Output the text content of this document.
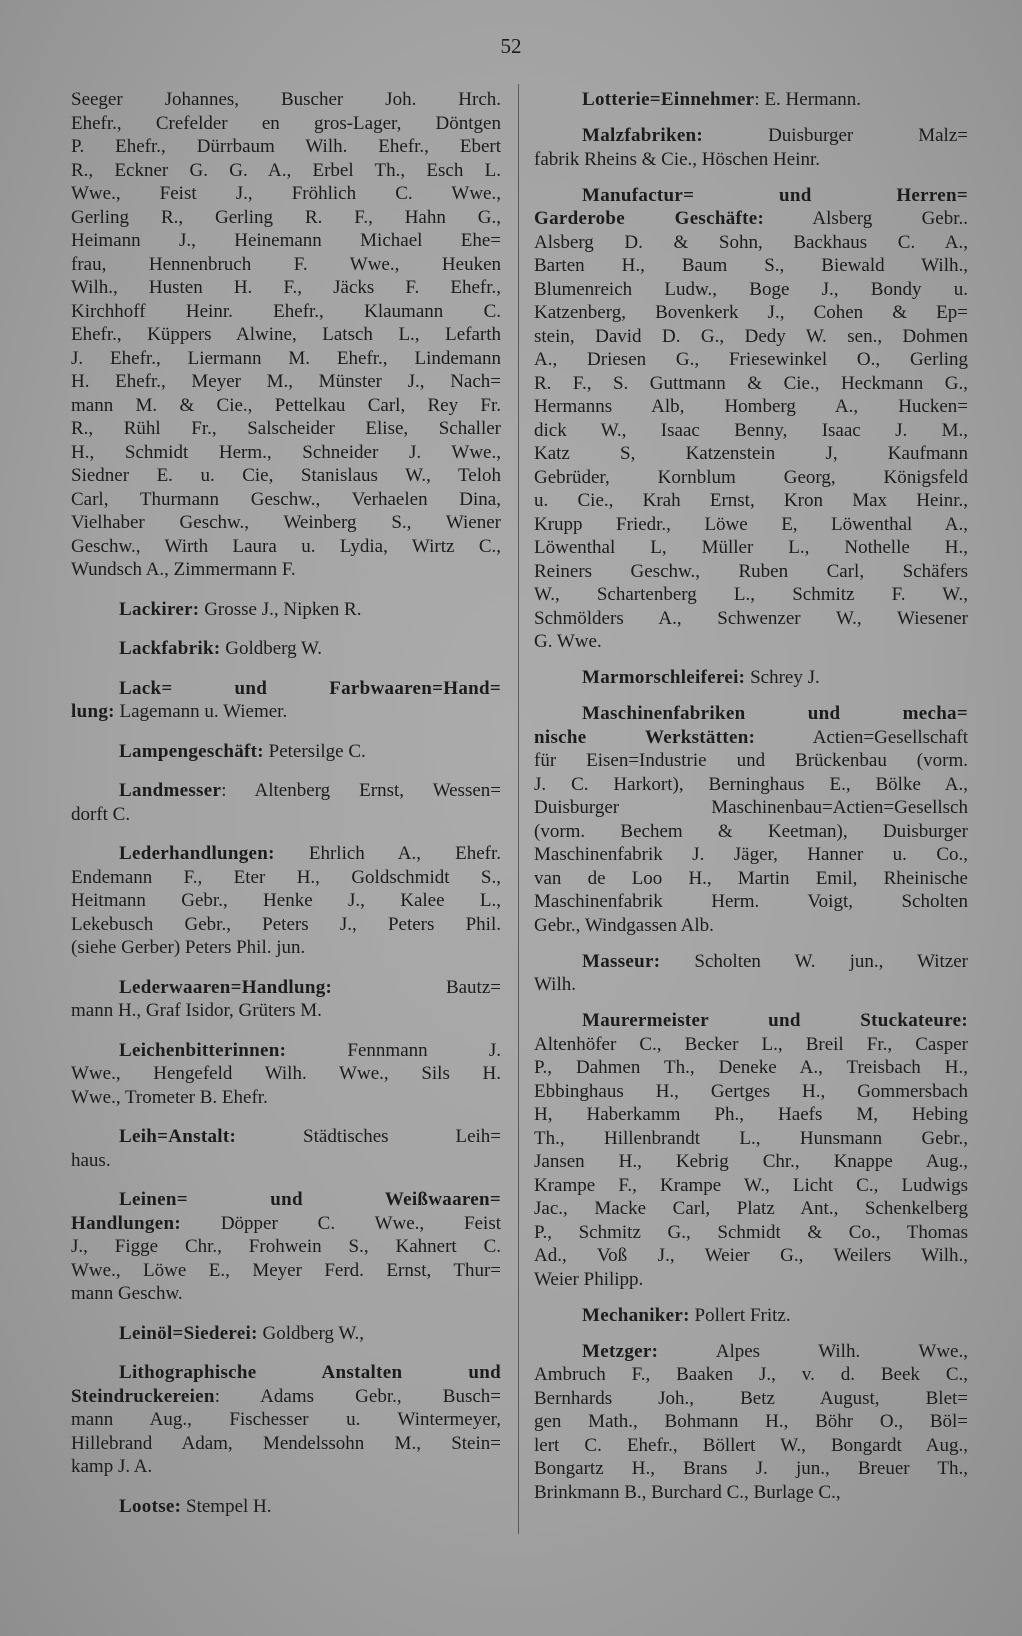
52
Seeger Johannes, Buscher Joh. Hrch.
Ehefr., Crefelder en gros-Lager, Döntgen
P. Ehefr., Dürrbaum Wilh. Ehefr., Ebert
R., Eckner G. G. A., Erbel Th., Esch L.
Wwe., Feist J., Fröhlich C. Wwe.,
Gerling R., Gerling R. F., Hahn G.,
Heimann J., Heinemann Michael Ehe=
frau, Hennenbruch F. Wwe., Heuken
Wilh., Husten H. F., Jäcks F. Ehefr.,
Kirchhoff Heinr. Ehefr., Klaumann C.
Ehefr., Küppers Alwine, Latsch L., Lefarth
J. Ehefr., Liermann M. Ehefr., Lindemann
H. Ehefr., Meyer M., Münster J., Nach=
mann M. & Cie., Pettelkau Carl, Rey Fr.
R., Rühl Fr., Salscheider Elise, Schaller
H., Schmidt Herm., Schneider J. Wwe.,
Siedner E. u. Cie, Stanislaus W., Teloh
Carl, Thurmann Geschw., Verhaelen Dina,
Vielhaber Geschw., Weinberg S., Wiener
Geschw., Wirth Laura u. Lydia, Wirtz C.,
Wundsch A., Zimmermann F.
Lackirer: Grosse J., Nipken R.
Lackfabrik: Goldberg W.
Lack= und Farbwaaren=Hand=
lung: Lagemann u. Wiemer.
Lampengeschäft: Petersilge C.
Landmesser: Altenberg Ernst, Wessen=
dorft C.
Lederhandlungen: Ehrlich A., Ehefr.
Endemann F., Eter H., Goldschmidt S.,
Heitmann Gebr., Henke J., Kalee L.,
Lekebusch Gebr., Peters J., Peters Phil.
(siehe Gerber) Peters Phil. jun.
Lederwaaren=Handlung: Bautz=
mann H., Graf Isidor, Grüters M.
Leichenbitterinnen: Fennmann J.
Wwe., Hengefeld Wilh. Wwe., Sils H.
Wwe., Trometer B. Ehefr.
Leih=Anstalt: Städtisches Leih=
haus.
Leinen= und Weißwaaren=
Handlungen: Döpper C. Wwe., Feist
J., Figge Chr., Frohwein S., Kahnert C.
Wwe., Löwe E., Meyer Ferd. Ernst, Thur=
mann Geschw.
Leinöl=Siederei: Goldberg W.,
Lithographische Anstalten und
Steindruckereien: Adams Gebr., Busch=
mann Aug., Fischesser u. Wintermeyer,
Hillebrand Adam, Mendelssohn M., Stein=
kamp J. A.
Lootse: Stempel H.
Lotterie=Einnehmer: E. Hermann.
Malzfabriken: Duisburger Malz=
fabrik Rheins & Cie., Höschen Heinr.
Manufactur= und Herren=
Garderobe Geschäfte: Alsberg Gebr..
Alsberg D. & Sohn, Backhaus C. A.,
Barten H., Baum S., Biewald Wilh.,
Blumenreich Ludw., Boge J., Bondy u.
Katzenberg, Bovenkerk J., Cohen & Ep=
stein, David D. G., Dedy W. sen., Dohmen
A., Driesen G., Friesewinkel O., Gerling
R. F., S. Guttmann & Cie., Heckmann G.,
Hermanns Alb, Homberg A., Hucken=
dick W., Isaac Benny, Isaac J. M.,
Katz S, Katzenstein J, Kaufmann
Gebrüder, Kornblum Georg, Königsfeld
u. Cie., Krah Ernst, Kron Max Heinr.,
Krupp Friedr., Löwe E, Löwenthal A.,
Löwenthal L, Müller L., Nothelle H.,
Reiners Geschw., Ruben Carl, Schäfers
W., Schartenberg L., Schmitz F. W.,
Schmölders A., Schwenzer W., Wiesener
G. Wwe.
Marmorschleiferei: Schrey J.
Maschinenfabriken und mecha=
nische Werkstätten: Actien=Gesellschaft
für Eisen=Industrie und Brückenbau (vorm.
J. C. Harkort), Berninghaus E., Bölke A.,
Duisburger Maschinenbau=Actien=Gesellsch
(vorm. Bechem & Keetman), Duisburger
Maschinenfabrik J. Jäger, Hanner u. Co.,
van de Loo H., Martin Emil, Rheinische
Maschinenfabrik Herm. Voigt, Scholten
Gebr., Windgassen Alb.
Masseur: Scholten W. jun., Witzer
Wilh.
Maurermeister und Stuckateure:
Altenhöfer C., Becker L., Breil Fr., Casper
P., Dahmen Th., Deneke A., Treisbach H.,
Ebbinghaus H., Gertges H., Gommersbach
H, Haberkamm Ph., Haefs M, Hebing
Th., Hillenbrandt L., Hunsmann Gebr.,
Jansen H., Kebrig Chr., Knappe Aug.,
Krampe F., Krampe W., Licht C., Ludwigs
Jac., Macke Carl, Platz Ant., Schenkelberg
P., Schmitz G., Schmidt & Co., Thomas
Ad., Voß J., Weier G., Weilers Wilh.,
Weier Philipp.
Mechaniker: Pollert Fritz.
Metzger: Alpes Wilh. Wwe.,
Ambruch F., Baaken J., v. d. Beek C.,
Bernhards Joh., Betz August, Blet=
gen Math., Bohmann H., Böhr O., Böl=
lert C. Ehefr., Böllert W., Bongardt Aug.,
Bongartz H., Brans J. jun., Breuer Th.,
Brinkmann B., Burchard C., Burlage C.,
